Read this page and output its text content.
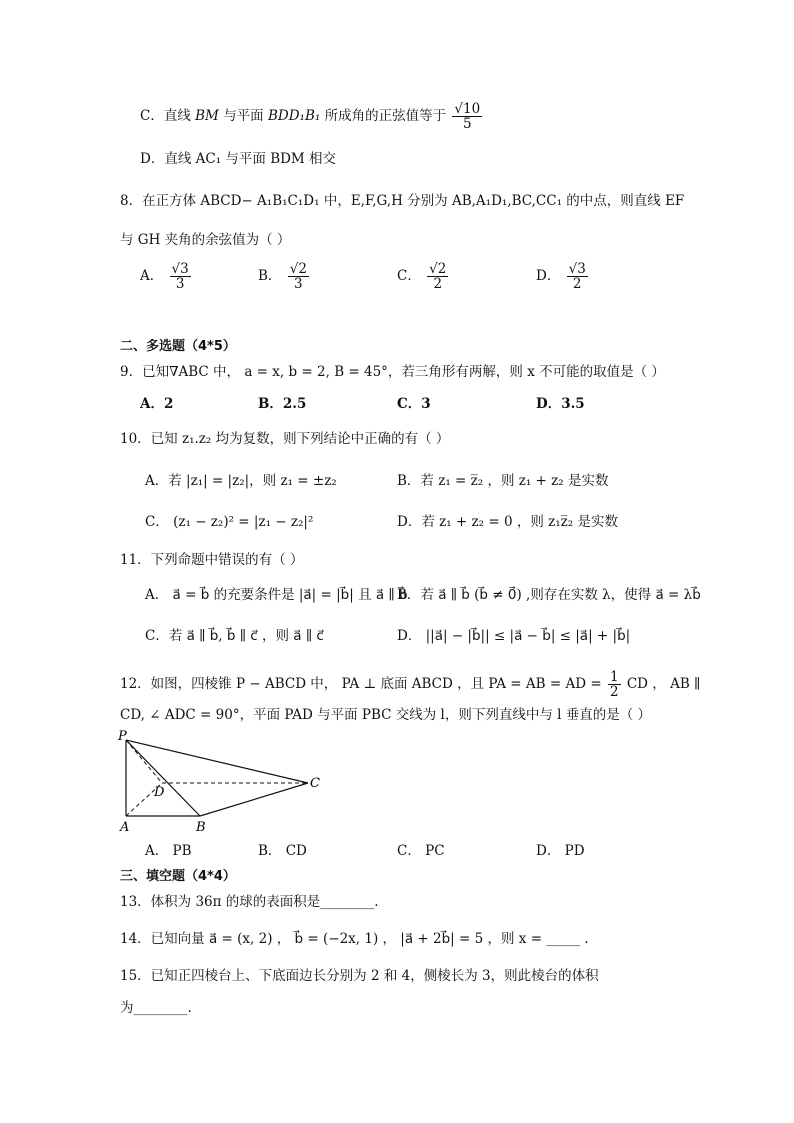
C．直线 BM 与平面 BDD₁B₁ 所成角的正弦值等于 $\frac{√10}{5}$
D．直线 AC₁ 与平面 BDM 相交
8．在正方体 ABCD− A₁B₁C₁D₁ 中，E,F,G,H 分别为 AB,A₁D₁,BC,CC₁ 的中点，则直线 EF
与 GH 夹角的余弦值为（ ）
A． $\frac{√3}{3}$	B． $\frac{√2}{3}$	C． $\frac{√2}{2}$	D． $\frac{√3}{2}$
二、多选题（4*5）
9．已知∇ABC 中， a = x, b = 2, B = 45°，若三角形有两解，则 x 不可能的取值是（ ）
A．2	B．2.5	C．3	D．3.5
10．已知 z₁.z₂ 均为复数，则下列结论中正确的有（ ）
A．若 |z₁| = |z₂|，则 z₁ = ±z₂	B．若 z₁ = z̅₂ ，则 z₁ + z₂ 是实数
C． (z₁ − z₂)² = |z₁ − z₂|²	D．若 z₁ + z₂ = 0 ，则 z₁z̅₂ 是实数
11．下列命题中错误的有（ ）
A． a⃗ = b⃗ 的充要条件是 |a⃗| = |b⃗| 且 a⃗ ∥ b⃗
B．若 a⃗ ∥ b⃗ (b⃗ ≠ 0⃗) ,则存在实数 λ，使得 a⃗ = λb⃗
C．若 a⃗ ∥ b⃗, b⃗ ∥ c⃗ ，则 a⃗ ∥ c⃗	D． ||a⃗| − |b⃗|| ≤ |a⃗ − b⃗| ≤ |a⃗| + |b⃗|
12．如图，四棱锥 P − ABCD 中， PA ⊥ 底面 ABCD ，且 PA = AB = AD = $\frac{1}{2}$ CD ， AB ∥
CD, ∠ ADC = 90°，平面 PAD 与平面 PBC 交线为 l，则下列直线中与 l 垂直的是（ ）
P
D
C
A	B
A． PB	B． CD	C． PC	D． PD
三、填空题（4*4）
13．体积为 36π 的球的表面积是________.
14．已知向量 a⃗ = (x, 2) ， b⃗ = (−2x, 1) ， |a⃗ + 2b⃗| = 5 ，则 x = _____ .
15．已知正四棱台上、下底面边长分别为 2 和 4，侧棱长为 3，则此棱台的体积
为________.
